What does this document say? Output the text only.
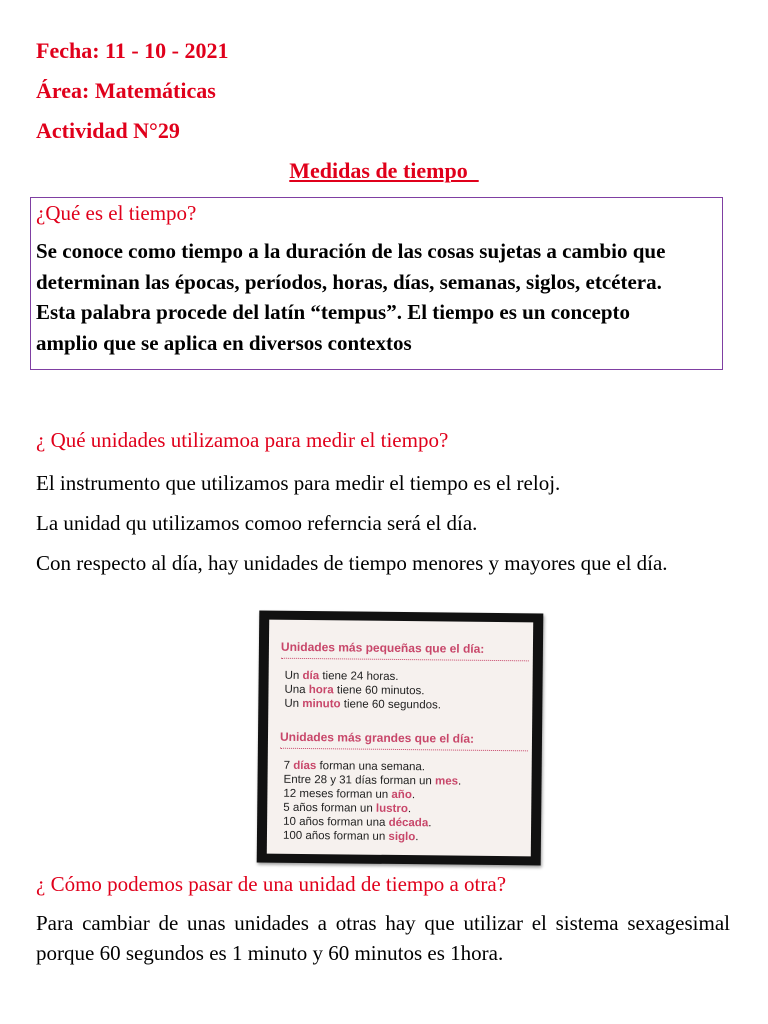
Fecha: 11 - 10 - 2021
Área: Matemáticas
Actividad N°29
Medidas de tiempo
¿Qué es el tiempo?
Se conoce como tiempo a la duración de las cosas sujetas a cambio que determinan las épocas, períodos, horas, días, semanas, siglos, etcétera. Esta palabra procede del latín “tempus”. El tiempo es un concepto amplio que se aplica en diversos contextos
¿ Qué unidades utilizamoa para medir el tiempo?
El instrumento que utilizamos para medir el tiempo es el reloj.
La unidad qu utilizamos comoo referncia será el día.
Con respecto al día, hay unidades de tiempo menores y mayores que el día.
Unidades más pequeñas que el día:
Un día tiene 24 horas.
Una hora tiene 60 minutos.
Un minuto tiene 60 segundos.
Unidades más grandes que el día:
7 días forman una semana.
Entre 28 y 31 días forman un mes.
12 meses forman un año.
5 años forman un lustro.
10 años forman una década.
100 años forman un siglo.
¿ Cómo podemos pasar de una unidad de tiempo a otra?
Para cambiar de unas unidades a otras hay que utilizar el sistema sexagesimal porque 60 segundos es 1 minuto y 60 minutos es 1hora.
